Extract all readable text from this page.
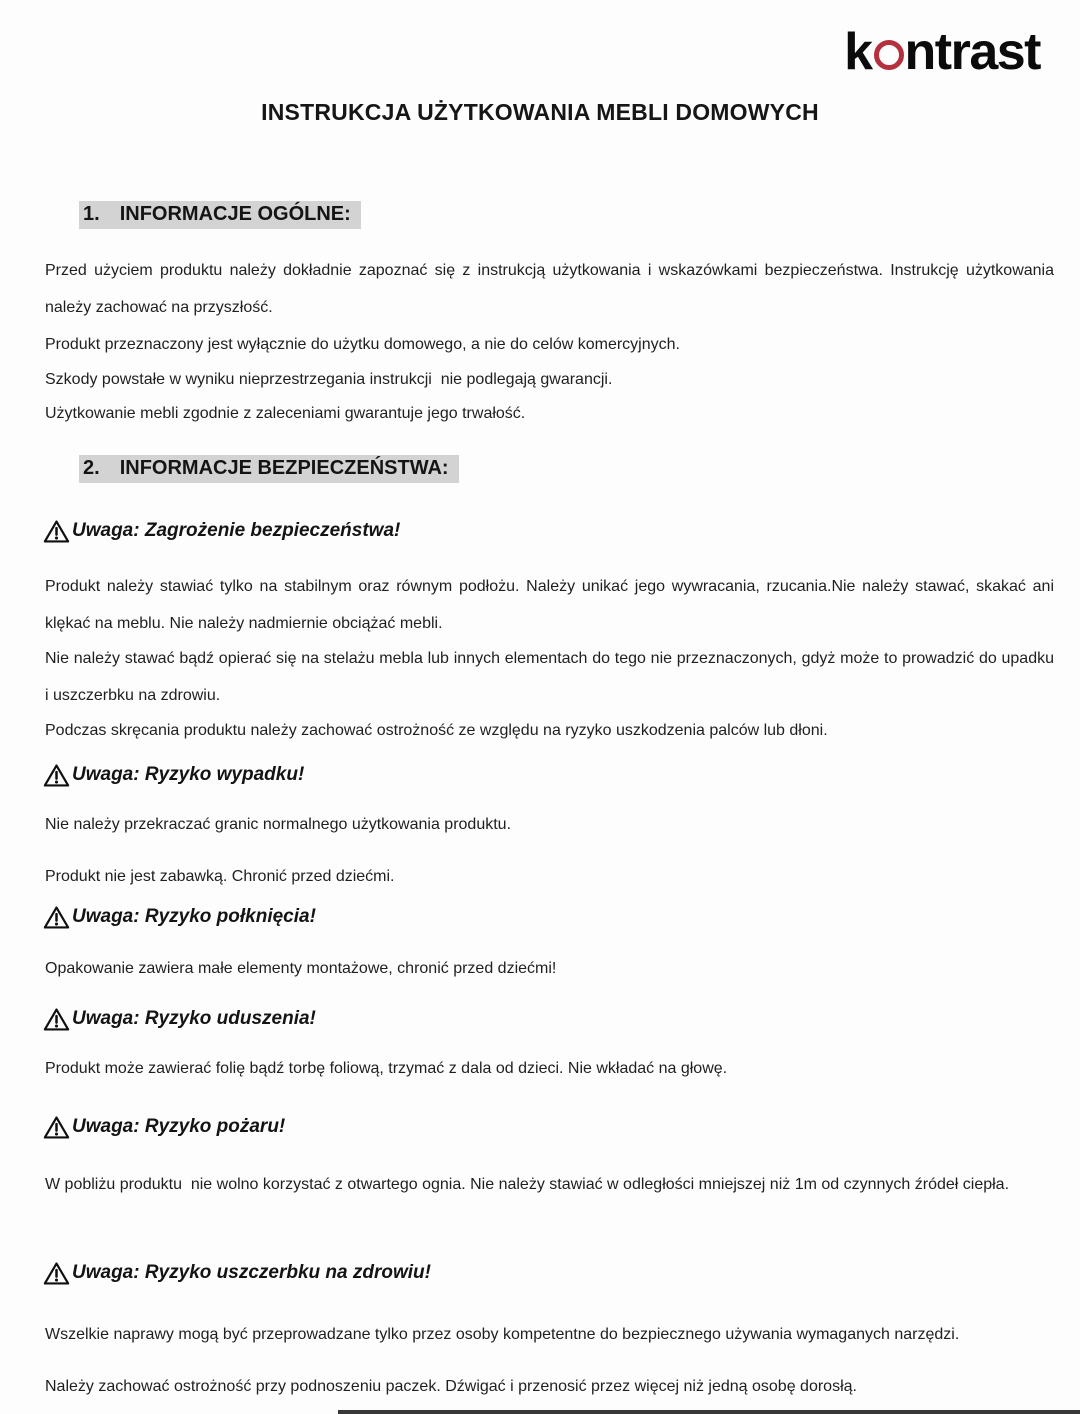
k ntrast
INSTRUKCJA UŻYTKOWANIA MEBLI DOMOWYCH
1. INFORMACJE OGÓLNE:

Przed użyciem produktu należy dokładnie zapoznać się z instrukcją użytkowania i wskazówkami bezpieczeństwa. Instrukcję użytkowania należy zachować na przyszłość.

Produkt przeznaczony jest wyłącznie do użytku domowego, a nie do celów komercyjnych.

Szkody powstałe w wyniku nieprzestrzegania instrukcji  nie podlegają gwarancji.

Użytkowanie mebli zgodnie z zaleceniami gwarantuje jego trwałość.

2. INFORMACJE BEZPIECZEŃSTWA:
Uwaga: Zagrożenie bezpieczeństwa!

Produkt należy stawiać tylko na stabilnym oraz równym podłożu. Należy unikać jego wywracania, rzucania.Nie należy stawać, skakać ani klękać na meblu. Nie należy nadmiernie obciążać mebli.

Nie należy stawać bądź opierać się na stelażu mebla lub innych elementach do tego nie przeznaczonych, gdyż może to prowadzić do upadku i uszczerbku na zdrowiu.

Podczas skręcania produktu należy zachować ostrożność ze względu na ryzyko uszkodzenia palców lub dłoni.

Uwaga: Ryzyko wypadku!

Nie należy przekraczać granic normalnego użytkowania produktu.

Produkt nie jest zabawką. Chronić przed dziećmi.

Uwaga: Ryzyko połknięcia!

Opakowanie zawiera małe elementy montażowe, chronić przed dziećmi!

Uwaga: Ryzyko uduszenia!

Produkt może zawierać folię bądź torbę foliową, trzymać z dala od dzieci. Nie wkładać na głowę.

Uwaga: Ryzyko pożaru!

W pobliżu produktu  nie wolno korzystać z otwartego ognia. Nie należy stawiać w odległości mniejszej niż 1m od czynnych źródeł ciepła.

Uwaga: Ryzyko uszczerbku na zdrowiu!

Wszelkie naprawy mogą być przeprowadzane tylko przez osoby kompetentne do bezpiecznego używania wymaganych narzędzi.

Należy zachować ostrożność przy podnoszeniu paczek. Dźwigać i przenosić przez więcej niż jedną osobę dorosłą.
